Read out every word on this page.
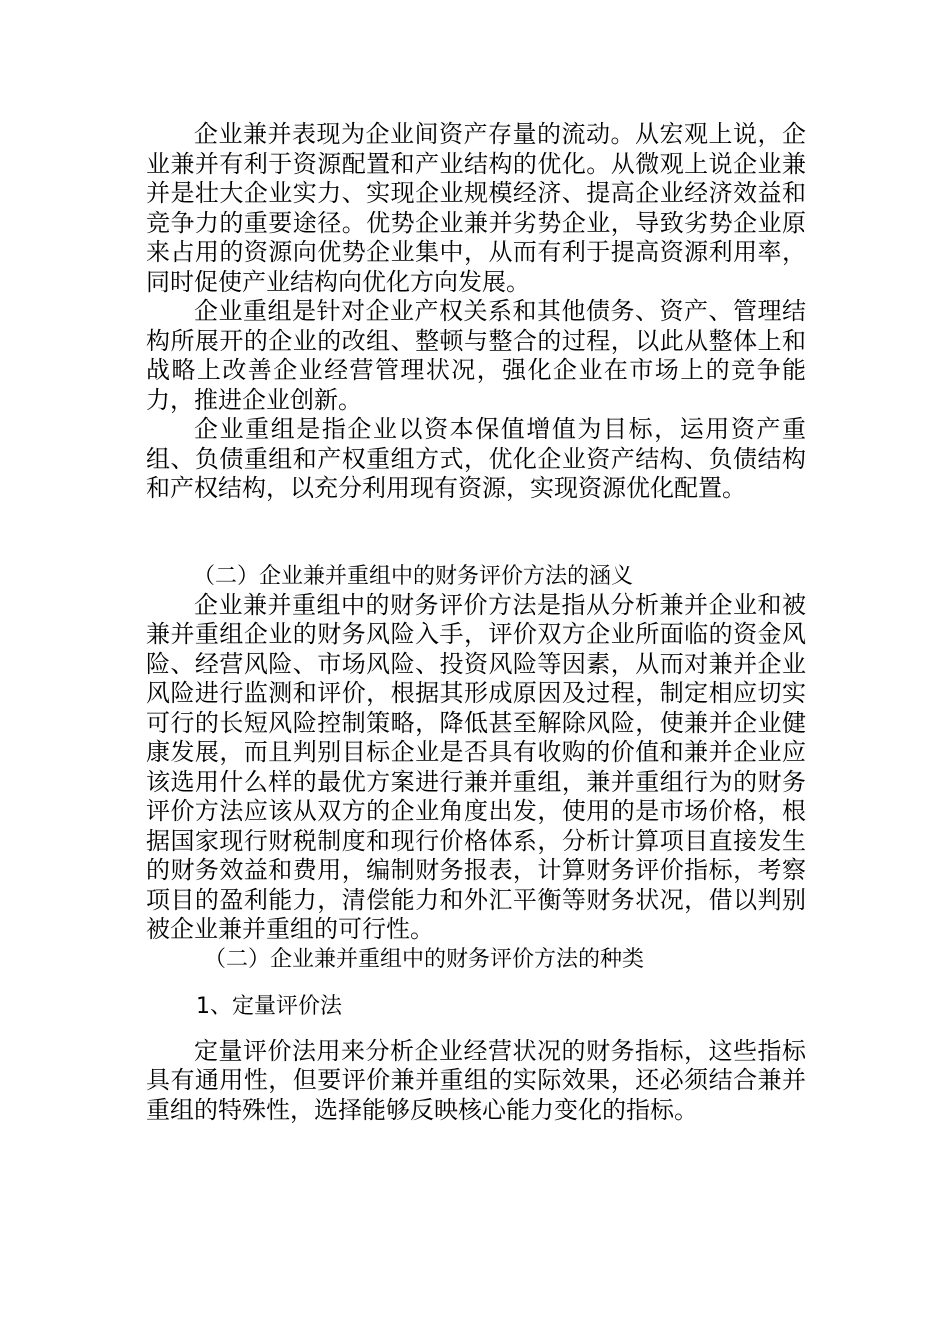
企业兼并表现为企业间资产存量的流动。从宏观上说，企业兼并有利于资源配置和产业结构的优化。从微观上说企业兼并是壮大企业实力、实现企业规模经济、提高企业经济效益和竞争力的重要途径。优势企业兼并劣势企业，导致劣势企业原来占用的资源向优势企业集中，从而有利于提高资源利用率，同时促使产业结构向优化方向发展。

企业重组是针对企业产权关系和其他债务、资产、管理结构所展开的企业的改组、整顿与整合的过程，以此从整体上和战略上改善企业经营管理状况，强化企业在市场上的竞争能力，推进企业创新。

企业重组是指企业以资本保值增值为目标，运用资产重组、负债重组和产权重组方式，优化企业资产结构、负债结构和产权结构，以充分利用现有资源，实现资源优化配置。

（二）企业兼并重组中的财务评价方法的涵义

企业兼并重组中的财务评价方法是指从分析兼并企业和被兼并重组企业的财务风险入手，评价双方企业所面临的资金风险、经营风险、市场风险、投资风险等因素，从而对兼并企业风险进行监测和评价，根据其形成原因及过程，制定相应切实可行的长短风险控制策略，降低甚至解除风险，使兼并企业健康发展，而且判别目标企业是否具有收购的价值和兼并企业应该选用什么样的最优方案进行兼并重组，兼并重组行为的财务评价方法应该从双方的企业角度出发，使用的是市场价格，根据国家现行财税制度和现行价格体系，分析计算项目直接发生的财务效益和费用，编制财务报表，计算财务评价指标，考察项目的盈利能力，清偿能力和外汇平衡等财务状况，借以判别被企业兼并重组的可行性。

（二）企业兼并重组中的财务评价方法的种类
1、定量评价法

定量评价法用来分析企业经营状况的财务指标，这些指标具有通用性，但要评价兼并重组的实际效果，还必须结合兼并重组的特殊性，选择能够反映核心能力变化的指标。
